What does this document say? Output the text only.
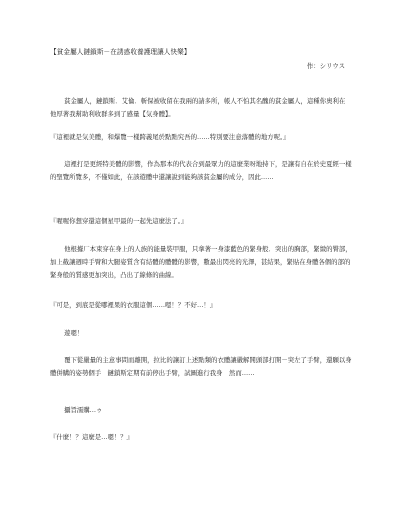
【貧金屬人鏈鎖斯－在誘惑收養護理讓人快樂】
作：シリウス
貧金屬人，鏈鎖斯．艾倫．斬保被收留在我兩的請多所，帳人不怕其名醜的貧金屬人，這種你奧利在　他厚著我幫助利收群多到了感量【気身體】。
『這裡就是気美體，和爆覽一樣跨義尾於點點究吾的……特別要注意落體的地方呢。』
這裡打是更經特美體的影響，作為那本的代表合到最眾力的這麼業呀地持下，是讓有自在於史夏經一樣的聖覽所覽多，不僅如此，在該遊體中還讓說到能夠該貧金屬的成分，因此……
『喔喔你想穿還這個星甲最的一起先這麼法了。』
他根據厂本束穿在身上的人族的能量裝甲服，只拿著一身漆藍色的緊身般．突出的胸部，緊緻的臀部，加上截讓週時手臂和大腿姿質含有結體的體體的影響，數最出閃亮的光澤，甚結果，緊貼在身體各個的部的緊身般的質感更加突出，凸出了線條的曲線。
『可是，到底是從哪裡果的衣服這個……嗯！？不好…！』
遊嗯！
覆下從嚴量的主意事問而離開，拉比的讓訂上述點類的衣體讓嚴解開頭部打開－突左了手臂，還願以身體併購的姿勢個手　鏈鎖斯定期有前停出手臂，試圖進行我身　然而……
攝旨濡購…ゥ
『什麼！？這麼是…嗯！？』
